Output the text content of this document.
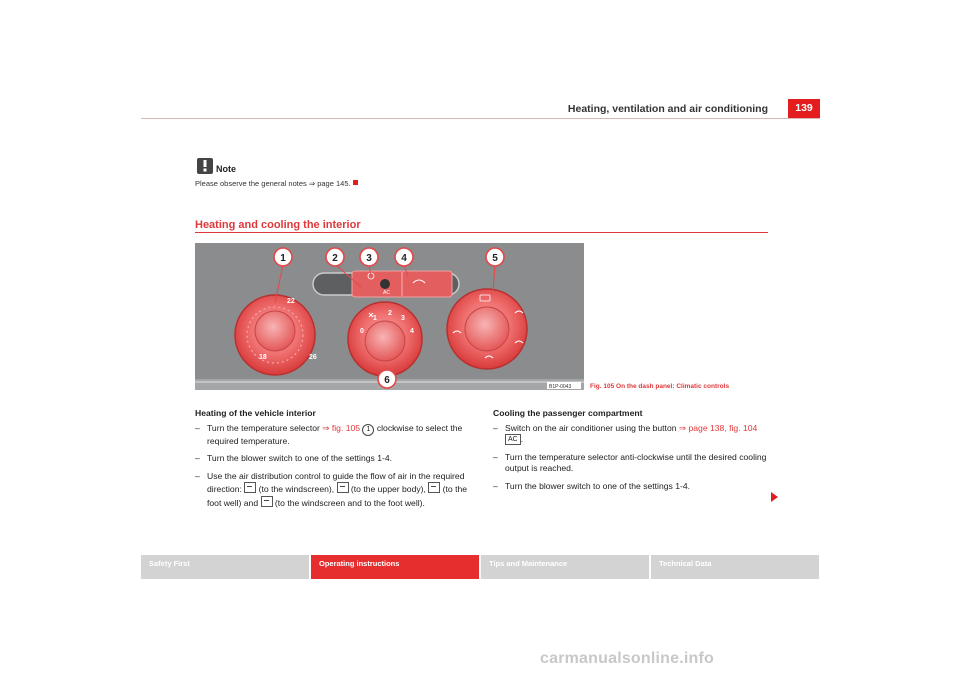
Heating, ventilation and air conditioning	139
Note
Please observe the general notes ⇒ page 145.
Heating and cooling the interior
AC
22
18	26
0
1
2
3
4
1	2	3	4	5
6
B1P-0043	Fig. 105 On the dash panel: Climatic controls
Heating of the vehicle interior
– Turn the temperature selector ⇒ fig. 105 1 clockwise to select the required temperature.
– Turn the blower switch to one of the settings 1-4.
– Use the air distribution control to guide the flow of air in the required direction:  (to the windscreen),  (to the upper body),  (to the foot well) and  (to the windscreen and to the foot well).
Cooling the passenger compartment
– Switch on the air conditioner using the button ⇒ page 138, fig. 104 AC .
– Turn the temperature selector anti-clockwise until the desired cooling output is reached.
– Turn the blower switch to one of the settings 1-4.
Safety First	Operating instructions	Tips and Maintenance	Technical Data
carmanualsonline.info
